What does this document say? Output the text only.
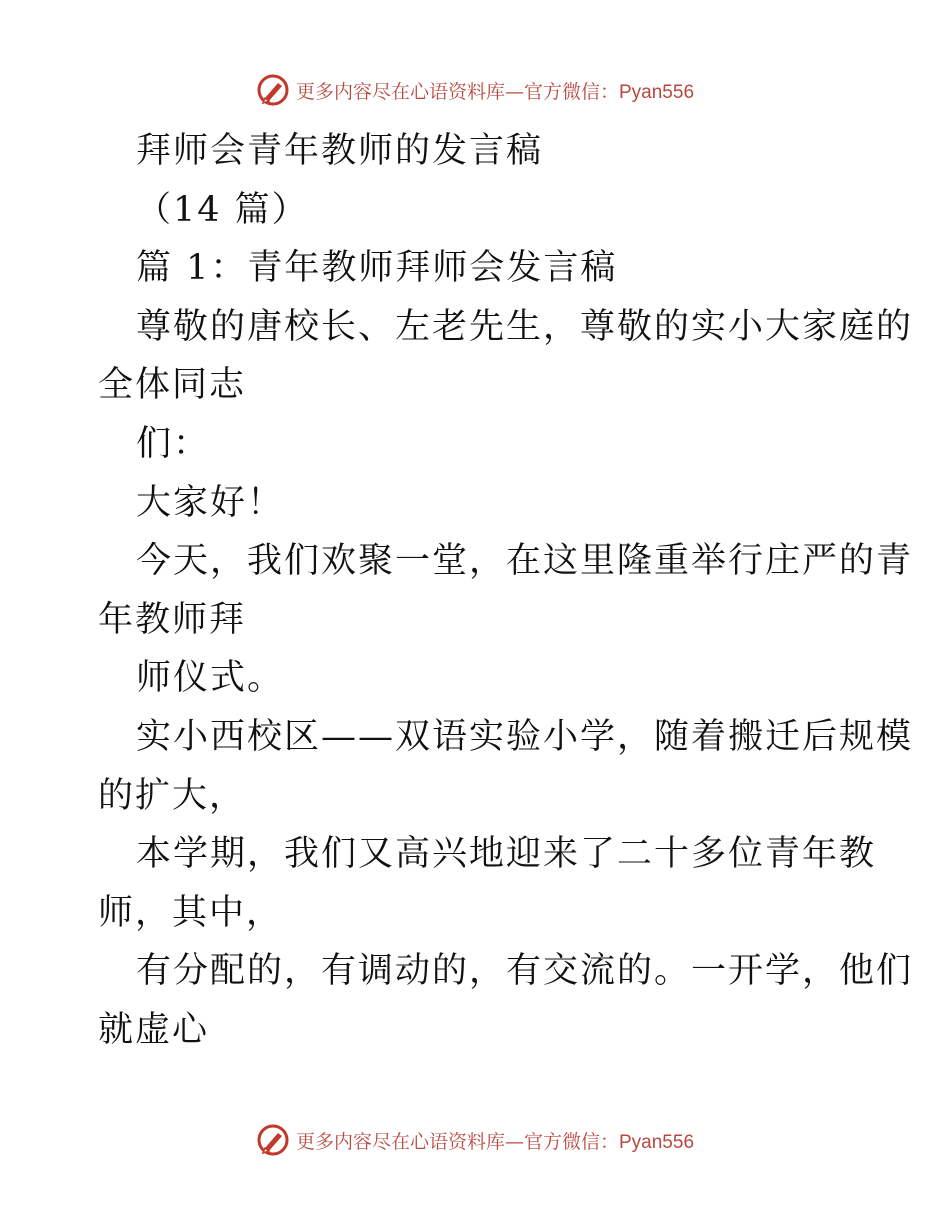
更多内容尽在心语资料库—官方微信：Pyan556
拜师会青年教师的发言稿
（14 篇）
篇 1：青年教师拜师会发言稿
尊敬的唐校长、左老先生，尊敬的实小大家庭的
全体同志
们：
大家好！
今天，我们欢聚一堂，在这里隆重举行庄严的青
年教师拜
师仪式。
实小西校区——双语实验小学，随着搬迁后规模
的扩大，
本学期，我们又高兴地迎来了二十多位青年教
师，其中，
有分配的，有调动的，有交流的。一开学，他们
就虚心
更多内容尽在心语资料库—官方微信：Pyan556
